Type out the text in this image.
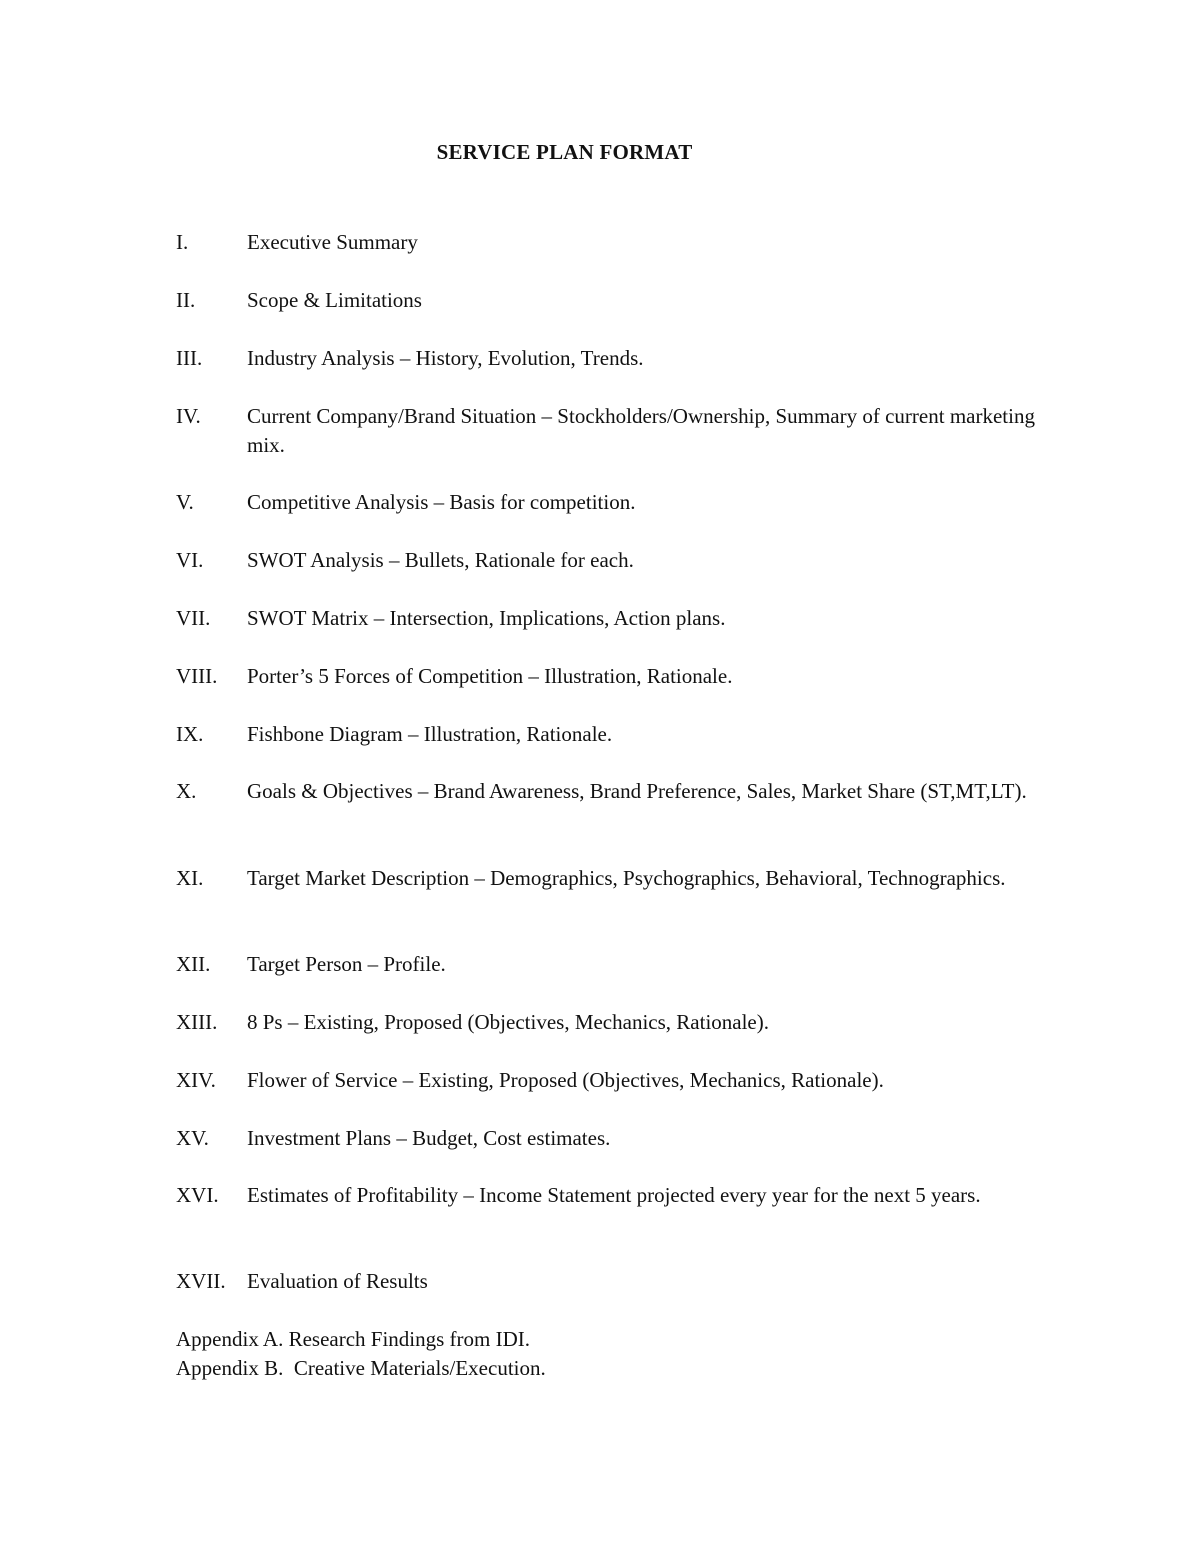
SERVICE PLAN FORMAT
I.	Executive Summary
II.	Scope & Limitations
III.	Industry Analysis – History, Evolution, Trends.
IV.	Current Company/Brand Situation – Stockholders/Ownership, Summary of current marketing mix.
V.	Competitive Analysis – Basis for competition.
VI.	SWOT Analysis – Bullets, Rationale for each.
VII.	SWOT Matrix – Intersection, Implications, Action plans.
VIII.	Porter’s 5 Forces of Competition – Illustration, Rationale.
IX.	Fishbone Diagram – Illustration, Rationale.
X.	Goals & Objectives – Brand Awareness, Brand Preference, Sales, Market Share (ST,MT,LT).
XI.	Target Market Description – Demographics, Psychographics, Behavioral, Technographics.
XII.	Target Person – Profile.
XIII.	8 Ps – Existing, Proposed (Objectives, Mechanics, Rationale).
XIV.	Flower of Service – Existing, Proposed (Objectives, Mechanics, Rationale).
XV.	Investment Plans – Budget, Cost estimates.
XVI.	Estimates of Profitability – Income Statement projected every year for the next 5 years.
XVII.	Evaluation of Results
Appendix A. Research Findings from IDI.
Appendix B.  Creative Materials/Execution.
